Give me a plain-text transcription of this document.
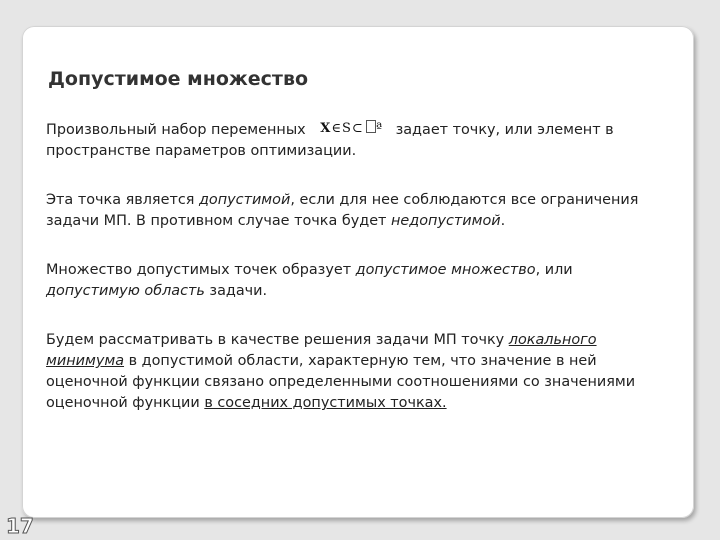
Допустимое множество

Произвольный набор переменных X∈S⊂ ª задает точку, или элемент в пространстве параметров оптимизации.

Эта точка является допустимой, если для нее соблюдаются все ограничения задачи МП. В противном случае точка будет недопустимой.

Множество допустимых точек образует допустимое множество, или допустимую область задачи.

Будем рассматривать в качестве решения задачи МП точку локального минимума в допустимой области, характерную тем, что значение в ней оценочной функции связано определенными соотношениями со значениями оценочной функции в соседних допустимых точках.

17
